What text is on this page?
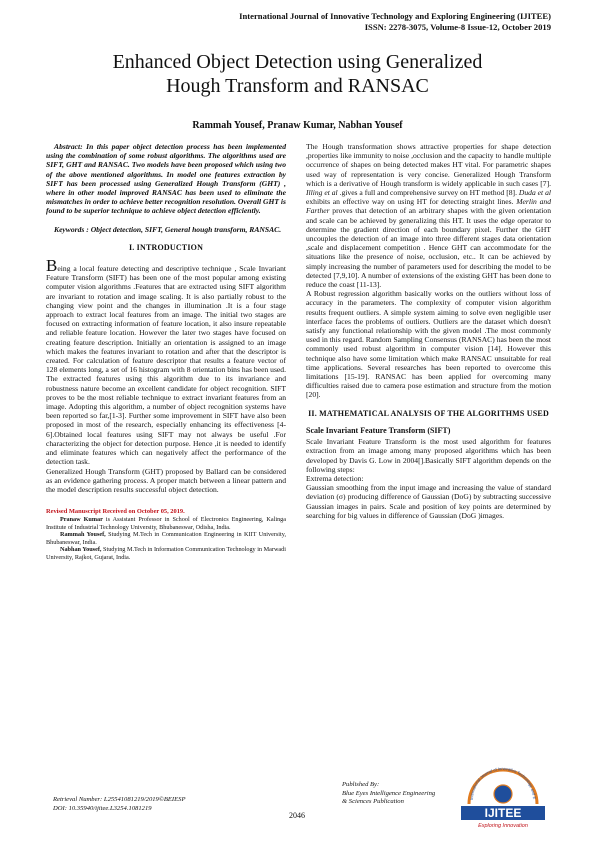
International Journal of Innovative Technology and Exploring Engineering (IJITEE)
ISSN: 2278-3075, Volume-8 Issue-12, October 2019
Enhanced Object Detection using Generalized
Hough Transform and RANSAC
Rammah Yousef, Pranaw Kumar, Nabhan Yousef

Abstract: In this paper object detection process has been implemented using the combination of some robust algorithms. The algorithms used are SIFT, GHT and RANSAC. Two models have been proposed which using two of the above mentioned algorithms. In model one features extraction by SIFT has been processed using Generalized Hough Transform (GHT) , where in other model improved RANSAC has been used to eliminate the mismatches in order to achieve better recognition resolution. Overall GHT is found to be superior technique to achieve object detection efficiently.

Keywords : Object detection, SIFT, General hough transform, RANSAC.

I. INTRODUCTION

Being a local feature detecting and descriptive technique , Scale Invariant Feature Transform (SIFT) has been one of the most popular among existing computer vision algorithms .Features that are extracted using SIFT algorithm are invariant to rotation and image scaling. It is also partially robust to the changing view point and the changes in illumination .It is a four stage approach to extract local features from an image. The initial two stages are focused on extracting information of feature location, it also insure repeatable and reliable feature location. However the later two stages have focused on creating feature description. Initially an orientation is assigned to an image which makes the features invariant to rotation and after that the descriptor is created. For calculation of feature descriptor that results a feature vector of 128 elements long, a set of 16 histogram with 8 orientation bins has been used. The extracted features using this algorithm due to its invariance and robustness nature become an excellent candidate for object recognition. SIFT proves to be the most reliable technique to extract invariant features from an image. Adopting this algorithm, a number of object recognition systems have been reported so far,[1-3]. Further some improvement in SIFT have also been proposed in most of the research, especially enhancing its effectiveness [4-6].Obtained local features using SIFT may not always be useful .For characterizing the object for detection purpose. Hence ,it is needed to identify and eliminate features which can negatively affect the performance of the detection task.

Generalized Hough Transform (GHT) proposed by Ballard can be considered as an evidence gathering process. A proper match between a linear pattern and the model description results successful object detection.

Revised Manuscript Received on October 05, 2019.

Pranaw Kumar is Assistant Professor in School of Electronics Engineering, Kalinga Institute of Industrial Technology University, Bhubaneswar, Odisha, India.

Rammah Yousef, Studying M.Tech in Communication Engineering in KIIT University, Bhubaneswar, India.

Nabhan Yousef, Studying M.Tech in Information Communication Technology in Marwadi University, Rajkot, Gujarat, India.

The Hough transformation shows attractive properties for shape detection ,properties like immunity to noise ,occlusion and the capacity to handle multiple occurrence of shapes on being detected makes HT vital. For parametric shapes used way of representation is very concise. Generalized Hough Transform which is a derivative of Hough transform is widely applicable in such cases [7]. Illing et al .gives a full and comprehensive survey on HT method [8]. Duda et al exhibits an effective way on using HT for detecting straight lines. Merlin and Farther proves that detection of an arbitrary shapes with the given orientation and scale can be achieved by generalizing this HT. It uses the edge operator to determine the gradient direction of each boundary pixel. Further the GHT uncouples the detection of an image into three different stages data orientation ,scale and displacement competition . Hence GHT can accommodate for the situations like the presence of noise, occlusion, etc.. It can be achieved by simply increasing the number of parameters used for describing the model to be detected [7,9,10]. A number of extensions of the existing GHT has been done to reduce the coast [11-13].

A Robust regression algorithm basically works on the outliers without loss of accuracy in the parameters. The complexity of computer vision algorithm results frequent outliers. A simple system aiming to solve even negligible user interface faces the problems of outliers. Outliers are the dataset which doesn't satisfy any functional relationship with the given model .The most commonly used in this regard. Random Sampling Consensus (RANSAC) has been the most commonly used robust algorithm in computer vision [14]. However this technique also have some limitation which make RANSAC unsuitable for real time applications. Several researches has been reported to overcome this limitations [15-19]. RANSAC has been applied for overcoming many difficulties raised due to camera pose estimation and structure from the motion [20].

II. MATHEMATICAL ANALYSIS OF THE ALGORITHMS USED

Scale Invariant Feature Transform (SIFT)

Scale Invariant Feature Transform is the most used algorithm for features extraction from an image among many proposed algorithms which has been developed by Davis G. Low in 2004[].Basically SIFT algorithm depends on the following steps:

Extrema detection:

Gaussian smoothing from the input image and increasing the value of standard deviation (σ) producing difference of Gaussian (DoG) by subtracting successive Gaussian images in pairs. Scale and position of key points are determined by searching for big values in difference of Gaussian (DoG )images.

Retrieval Number: L25541081219/2019©BEIESP
DOI: 10.35940/ijitee.L3254.1081219
2046
Published By:
Blue Eyes Intelligence Engineering
& Sciences Publication	International Journal of Innovative Technology and E
IJITEE
Exploring Innovation
